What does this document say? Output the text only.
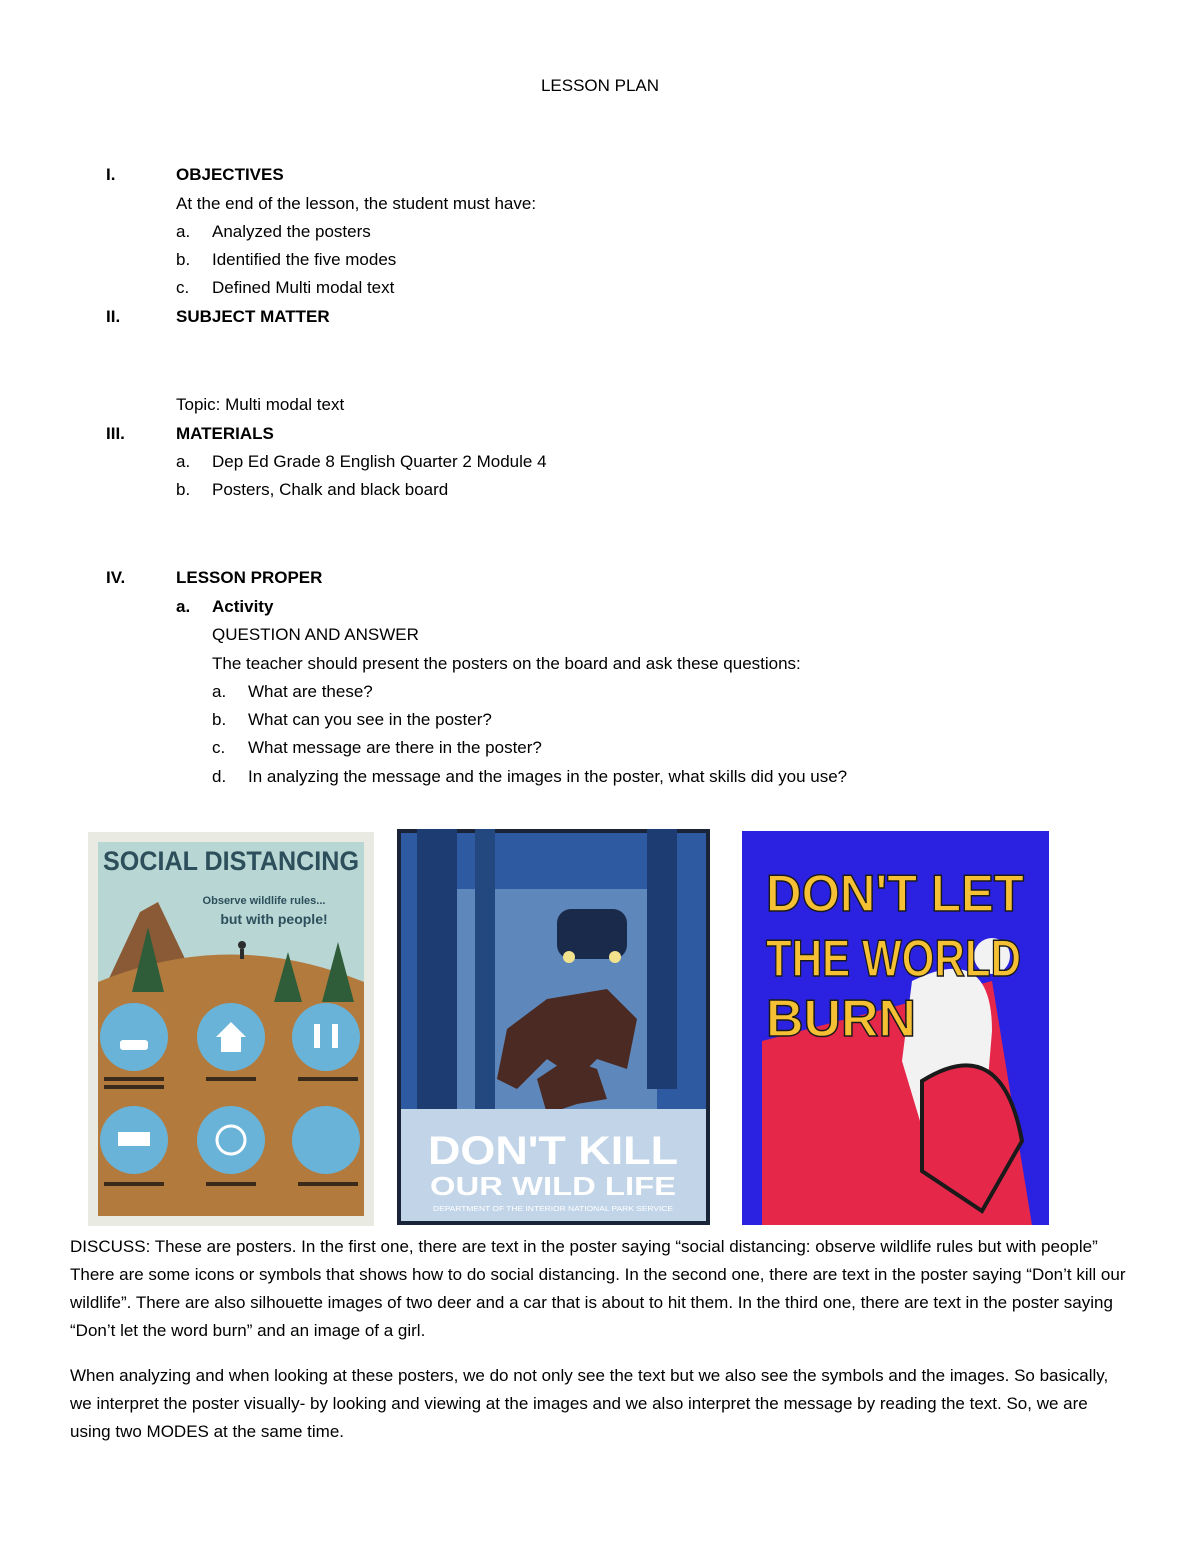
LESSON PLAN
I.	OBJECTIVES
At the end of the lesson, the student must have:
a. Analyzed the posters
b. Identified the five modes
c. Defined Multi modal text
II.	SUBJECT MATTER
Topic: Multi modal text
III.	MATERIALS
a. Dep Ed Grade 8 English Quarter 2 Module 4
b. Posters, Chalk and black board
IV.	LESSON PROPER
a. Activity
QUESTION AND ANSWER
The teacher should present the posters on the board and ask these questions:
a. What are these?
b. What can you see in the poster?
c. What message are there in the poster?
d. In analyzing the message and the images in the poster, what skills did you use?
SOCIAL DISTANCING
Observe wildlife rules...
but with people!
DON'T KILL
OUR WILD LIFE
DEPARTMENT OF THE INTERIOR NATIONAL PARK SERVICE
DON'T LET
THE WORLD
BURN
DISCUSS: These are posters. In the first one, there are text in the poster saying “social distancing: observe wildlife rules but with people” There are some icons or symbols that shows how to do social distancing. In the second one, there are text in the poster saying “Don’t kill our wildlife”. There are also silhouette images of two deer and a car that is about to hit them. In the third one, there are text in the poster saying “Don’t let the word burn” and an image of a girl.
When analyzing and when looking at these posters, we do not only see the text but we also see the symbols and the images. So basically, we interpret the poster visually- by looking and viewing at the images and we also interpret the message by reading the text. So, we are using two MODES at the same time.
